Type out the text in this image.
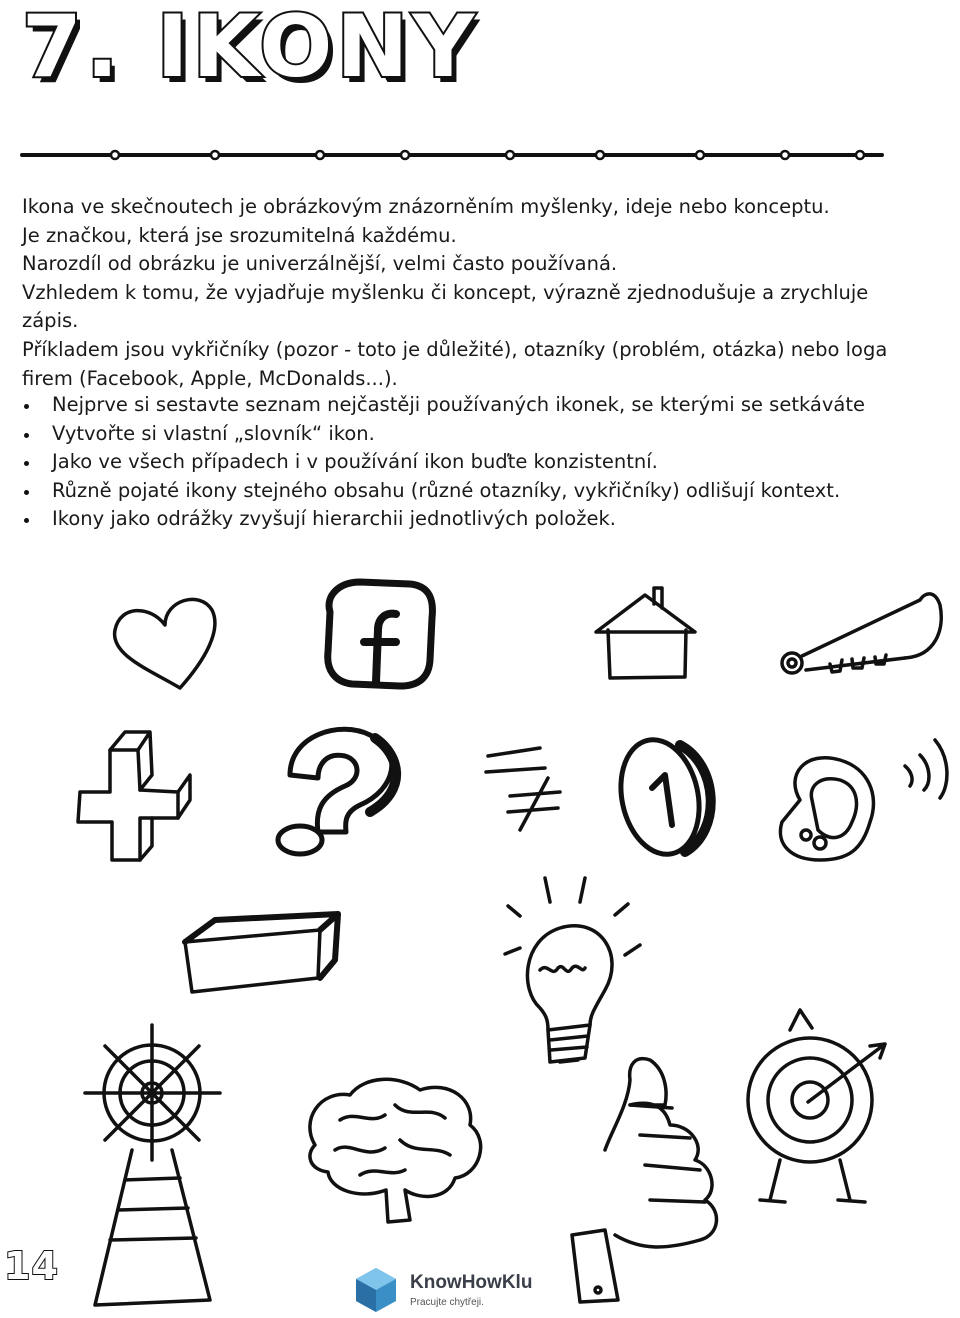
7. IKONY

Ikona ve skečnoutech je obrázkovým znázorněním myšlenky, ideje nebo konceptu.

Je značkou, která jse srozumitelná každému.

Narozdíl od obrázku je univerzálnější, velmi často používaná.

Vzhledem k tomu, že vyjadřuje myšlenku či koncept, výrazně zjednodušuje a zrychluje zápis.

Příkladem jsou vykřičníky (pozor - toto je důležité), otazníky (problém, otázka) nebo loga firem (Facebook, Apple, McDonalds...).

Nejprve si sestavte seznam nejčastěji používaných ikonek, se kterými se setkáváte
Vytvořte si vlastní „slovník“ ikon.
Jako ve všech případech i v používání ikon buďte konzistentní.
Různě pojaté ikony stejného obsahu (různé otazníky, vykřičníky) odlišují kontext.
Ikony jako odrážky zvyšují hierarchii jednotlivých položek.
14	KnowHowKlu
Pracujte chytřeji.
